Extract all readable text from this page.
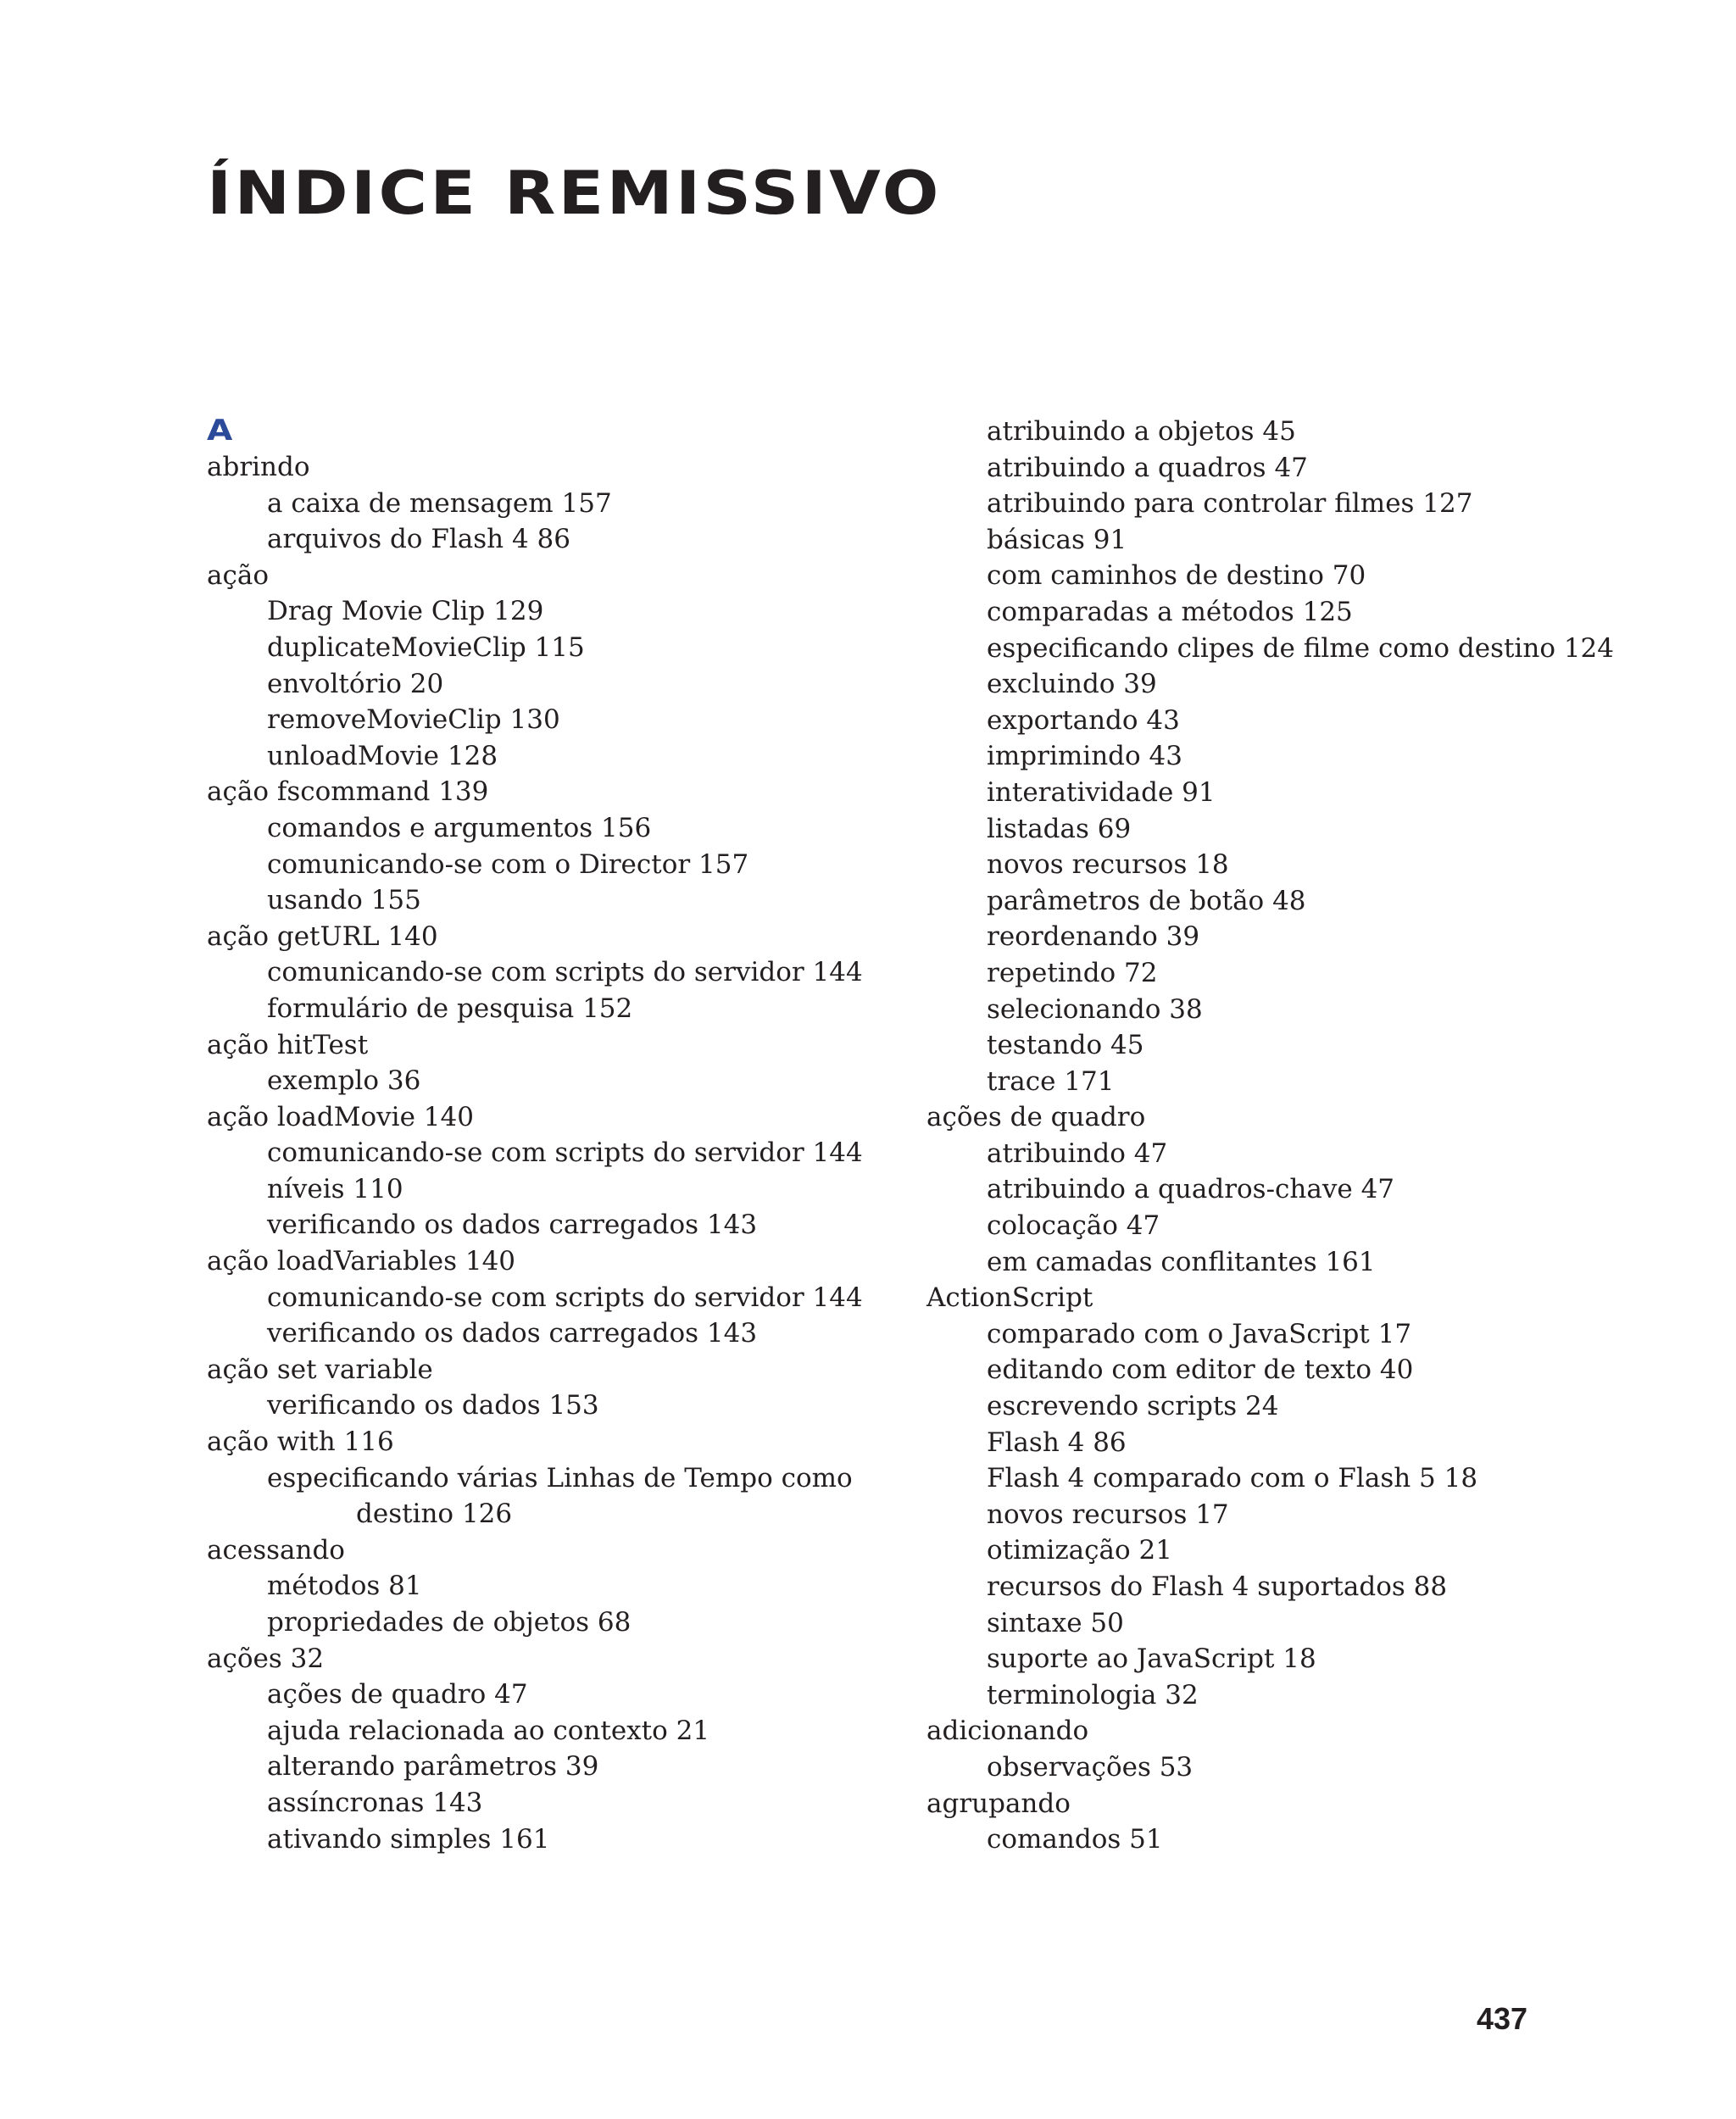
ÍNDICE REMISSIVO
A
abrindo
a caixa de mensagem 157
arquivos do Flash 4 86
ação
Drag Movie Clip 129
duplicateMovieClip 115
envoltório 20
removeMovieClip 130
unloadMovie 128
ação fscommand 139
comandos e argumentos 156
comunicando-se com o Director 157
usando 155
ação getURL 140
comunicando-se com scripts do servidor 144
formulário de pesquisa 152
ação hitTest
exemplo 36
ação loadMovie 140
comunicando-se com scripts do servidor 144
níveis 110
verificando os dados carregados 143
ação loadVariables 140
comunicando-se com scripts do servidor 144
verificando os dados carregados 143
ação set variable
verificando os dados 153
ação with 116
especificando várias Linhas de Tempo como
destino 126
acessando
métodos 81
propriedades de objetos 68
ações 32
ações de quadro 47
ajuda relacionada ao contexto 21
alterando parâmetros 39
assíncronas 143
ativando simples 161
atribuindo a objetos 45
atribuindo a quadros 47
atribuindo para controlar filmes 127
básicas 91
com caminhos de destino 70
comparadas a métodos 125
especificando clipes de filme como destino 124
excluindo 39
exportando 43
imprimindo 43
interatividade 91
listadas 69
novos recursos 18
parâmetros de botão 48
reordenando 39
repetindo 72
selecionando 38
testando 45
trace 171
ações de quadro
atribuindo 47
atribuindo a quadros-chave 47
colocação 47
em camadas conflitantes 161
ActionScript
comparado com o JavaScript 17
editando com editor de texto 40
escrevendo scripts 24
Flash 4 86
Flash 4 comparado com o Flash 5 18
novos recursos 17
otimização 21
recursos do Flash 4 suportados 88
sintaxe 50
suporte ao JavaScript 18
terminologia 32
adicionando
observações 53
agrupando
comandos 51
437
